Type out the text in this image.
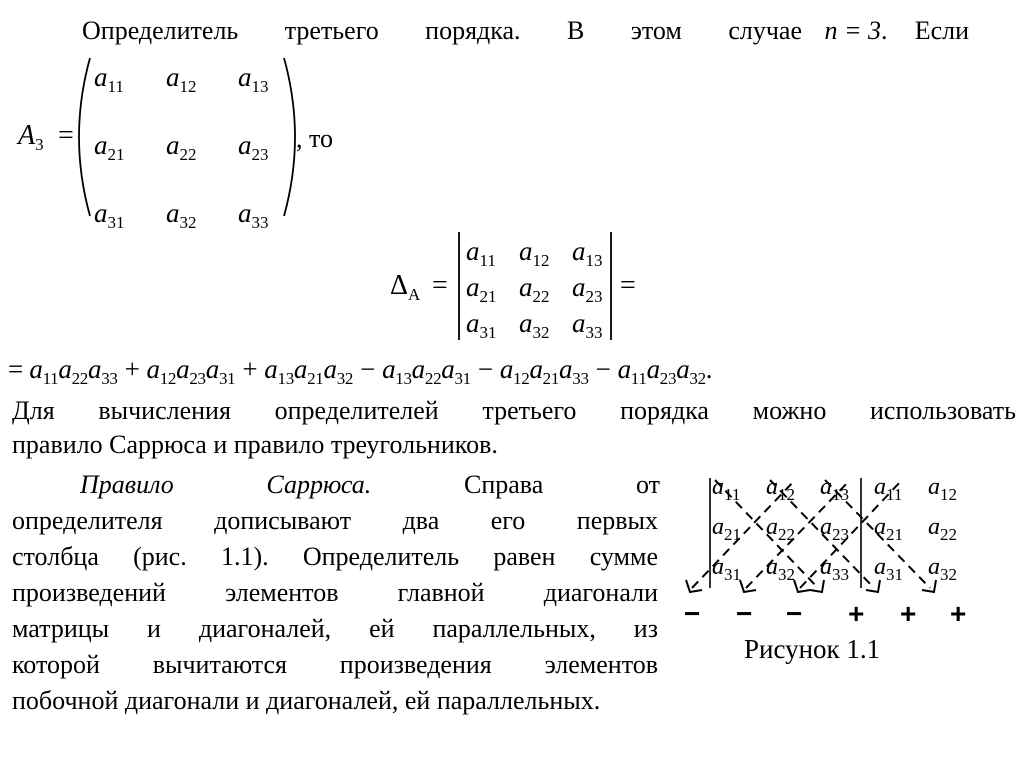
Определитель третьего порядка. В этом случае n = 3. Если
$A_3$ =
$a_{11}$ $a_{12}$ $a_{13}$
$a_{21}$ $a_{22}$ $a_{23}$
$a_{31}$ $a_{32}$ $a_{33}$
, то
$\Delta_A$ =
$a_{11}$ $a_{12}$ $a_{13}$
$a_{21}$ $a_{22}$ $a_{23}$
$a_{31}$ $a_{32}$ $a_{33}$
=
= $a_{11}a_{22}a_{33} + a_{12}a_{23}a_{31} + a_{13}a_{21}a_{32} - a_{13}a_{22}a_{31} - a_{12}a_{21}a_{33} - a_{11}a_{23}a_{32}$.
Для вычисления определителей третьего порядка можно использовать
правило Саррюса и правило треугольников.
Правило Саррюса.	Справа от
определителя дописывают два его первых
столбца (рис. 1.1). Определитель равен сумме
произведений элементов главной диагонали
матрицы и диагоналей, ей параллельных, из
которой вычитаются произведения элементов
побочной диагонали и диагоналей, ей параллельных.
$a_{11}$ $a_{12}$ $a_{13}$ $a_{11}$ $a_{12}$
$a_{21}$ $a_{22}$ $a_{23}$ $a_{21}$ $a_{22}$
$a_{31}$ $a_{32}$ $a_{33}$ $a_{31}$ $a_{32}$
− − − + + +
Рисунок 1.1
